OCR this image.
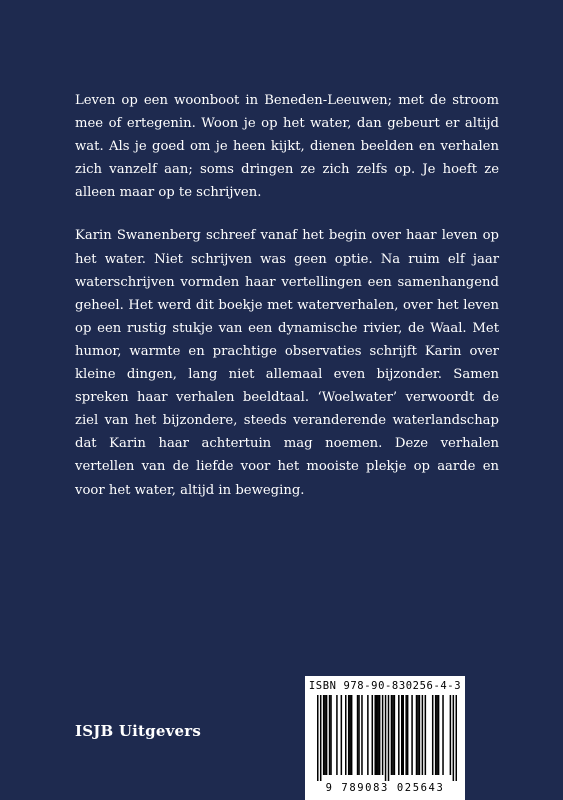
Leven op een woonboot in Beneden-Leeuwen; met de stroom mee of ertegenin. Woon je op het water, dan gebeurt er altijd wat. Als je goed om je heen kijkt, dienen beelden en verhalen zich vanzelf aan; soms dringen ze zich zelfs op. Je hoeft ze alleen maar op te schrijven.

Karin Swanenberg schreef vanaf het begin over haar leven op het water. Niet schrijven was geen optie. Na ruim elf jaar waterschrijven vormden haar vertellingen een samenhangend geheel. Het werd dit boekje met waterverhalen, over het leven op een rustig stukje van een dynamische rivier, de Waal. Met humor, warmte en prachtige observaties schrijft Karin over kleine dingen, lang niet allemaal even bijzonder. Samen spreken haar verhalen beeldtaal. ‘Woelwater’ verwoordt de ziel van het bijzondere, steeds veranderende waterlandschap dat Karin haar achtertuin mag noemen. Deze verhalen vertellen van de liefde voor het mooiste plekje op aarde en voor het water, altijd in beweging.

ISJB Uitgevers
ISBN 978-90-830256-4-3
9 789083 025643
